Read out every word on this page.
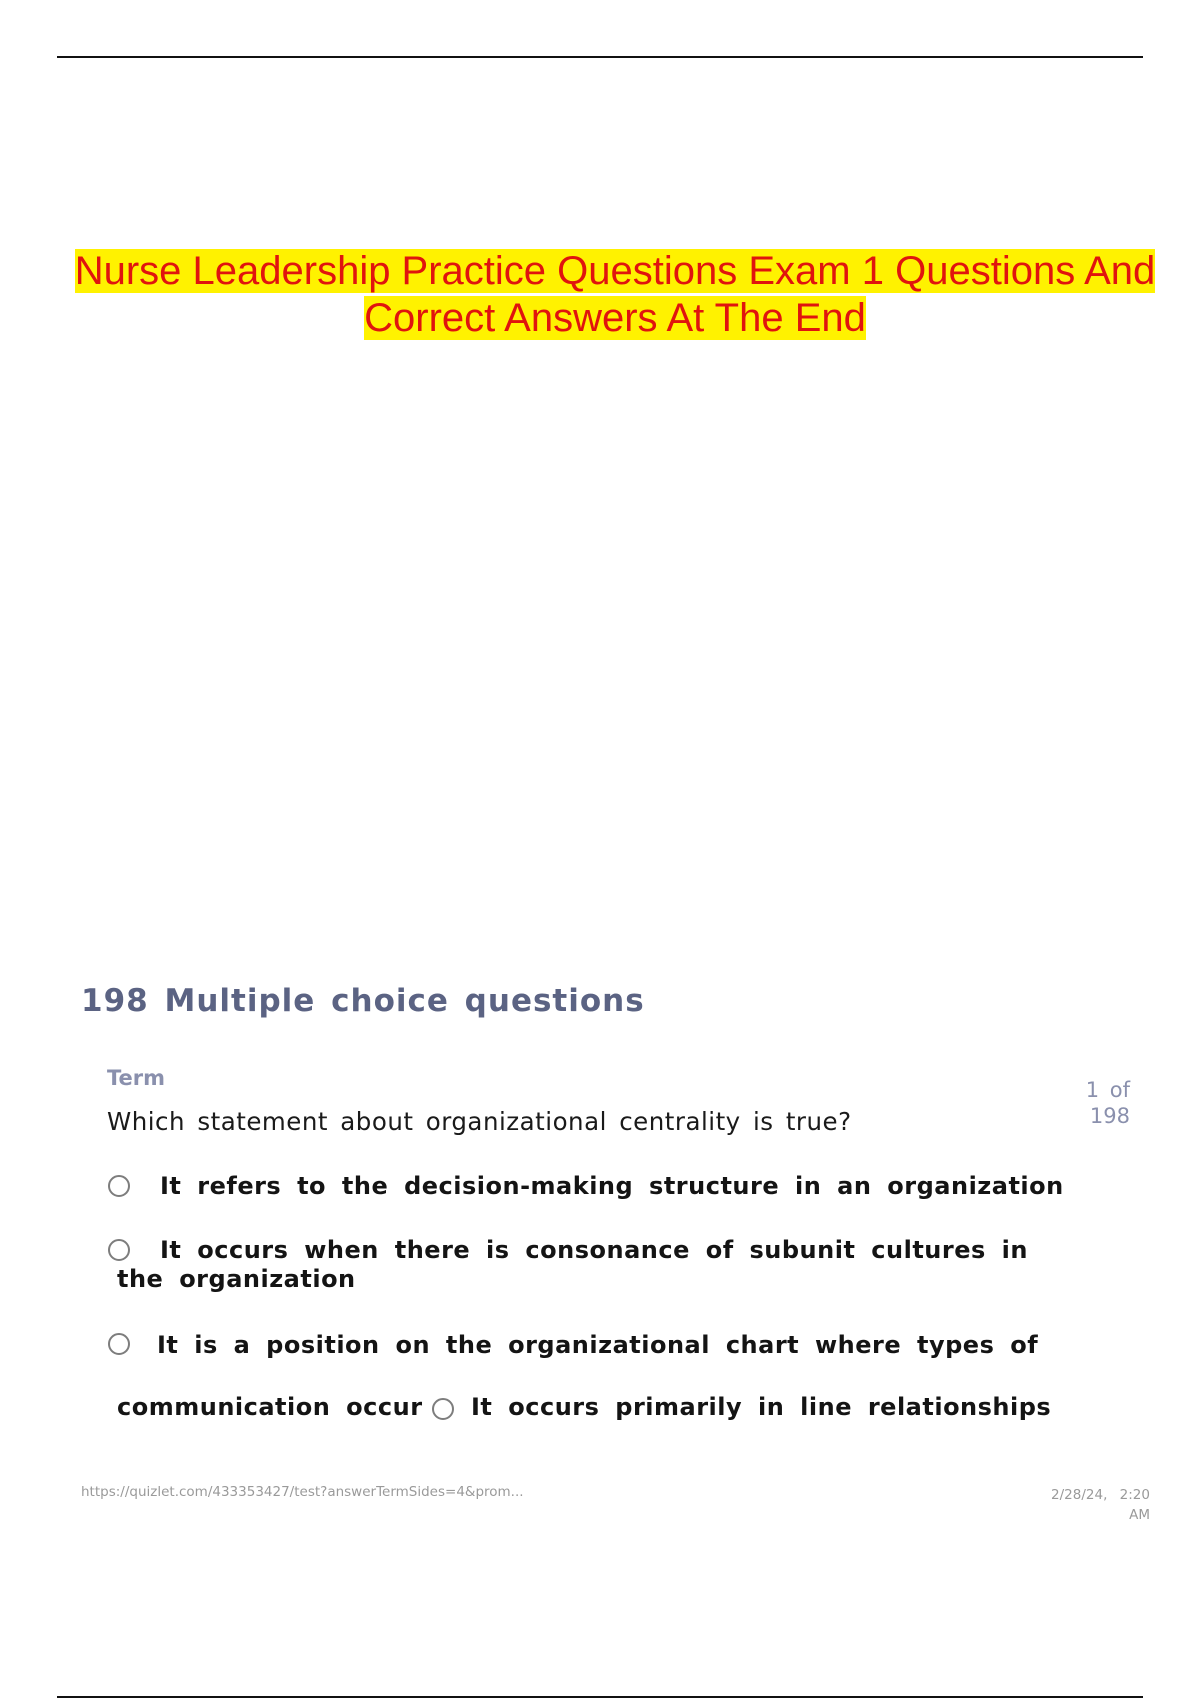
Nurse Leadership Practice Questions Exam 1 Questions And
Correct Answers At The End
198 Multiple choice questions
Term	1 of
198
Which statement about organizational centrality is true?
It refers to the decision-making structure in an organization
It occurs when there is consonance of subunit cultures in
the organization
It is a position on the organizational chart where types of
communication occur It occurs primarily in line relationships
https://quizlet.com/433353427/test?answerTermSides=4&prom...	2/28/24, 2:20
AM
